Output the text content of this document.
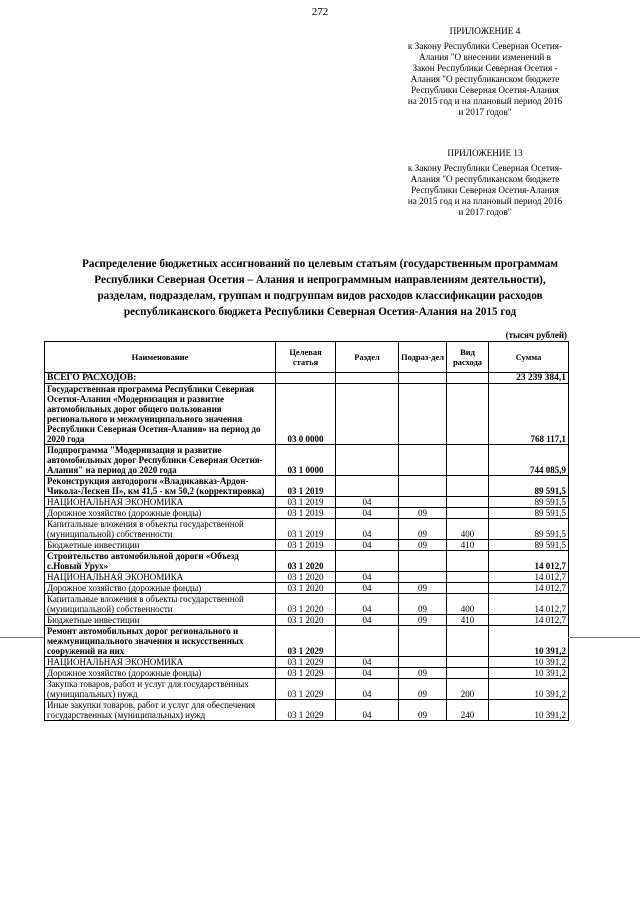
272
ПРИЛОЖЕНИЕ 4
к Закону Республики Северная Осетия-
Алания "О внесении изменений в
Закон Республики Северная Осетия -
Алания "О республиканском бюджете
Республики Северная Осетия-Алания
на 2015 год и на плановый период 2016
и 2017 годов"
ПРИЛОЖЕНИЕ 13
к Закону Республики Северная Осетия-
Алания "О республиканском бюджете
Республики Северная Осетия-Алания
на 2015 год и на плановый период 2016
и 2017 годов"
Распределение бюджетных ассигнований по целевым статьям (государственным программам
Республики Северная Осетия – Алания и непрограммным направлениям деятельности),
разделам, подразделам, группам и подгруппам видов расходов классификации расходов
республиканского бюджета Республики Северная Осетия-Алания на 2015 год
(тысяч рублей)
Наименование	Целевая статья	Раздел	Подраз-дел	Вид расхода	Сумма
ВСЕГО РАСХОДОВ:					23 239 384,1
Государственная программа Республики Северная Осетия-Алания «Модернизация и развитие автомобильных дорог общего пользования регионального и межмуниципального значения Республики Северная Осетия-Алания» на период до 2020 года	03 0 0000				768 117,1
Подпрограмма "Модернизация и развитие автомобильных дорог Республики Северная Осетия-Алания" на период до 2020 года	03 1 0000				744 085,9
Реконструкция автодороги «Владикавказ-Ардон-Чикола-Лескен II», км 41,5 - км 50,2 (корректировка)	03 1 2019				89 591,5
НАЦИОНАЛЬНАЯ ЭКОНОМИКА	03 1 2019	04			89 591,5
Дорожное хозяйство (дорожные фонды)	03 1 2019	04	09		89 591,5
Капитальные вложения в объекты государственной (муниципальной) собственности	03 1 2019	04	09	400	89 591,5
Бюджетные инвестиции	03 1 2019	04	09	410	89 591,5
Строительство автомобильной дороги «Объезд с.Новый Урух»	03 1 2020				14 012,7
НАЦИОНАЛЬНАЯ ЭКОНОМИКА	03 1 2020	04			14 012,7
Дорожное хозяйство (дорожные фонды)	03 1 2020	04	09		14 012,7
Капитальные вложения в объекты государственной (муниципальной) собственности	03 1 2020	04	09	400	14 012,7
Бюджетные инвестиции	03 1 2020	04	09	410	14 012,7
Ремонт автомобильных дорог регионального и межмуниципального значения и искусственных сооружений на них	03 1 2029				10 391,2
НАЦИОНАЛЬНАЯ ЭКОНОМИКА	03 1 2029	04			10 391,2
Дорожное хозяйство (дорожные фонды)	03 1 2029	04	09		10 391,2
Закупка товаров, работ и услуг для государственных (муниципальных) нужд	03 1 2029	04	09	200	10 391,2
Иные закупки товаров, работ и услуг для обеспечения государственных (муниципальных) нужд	03 1 2029	04	09	240	10 391,2
